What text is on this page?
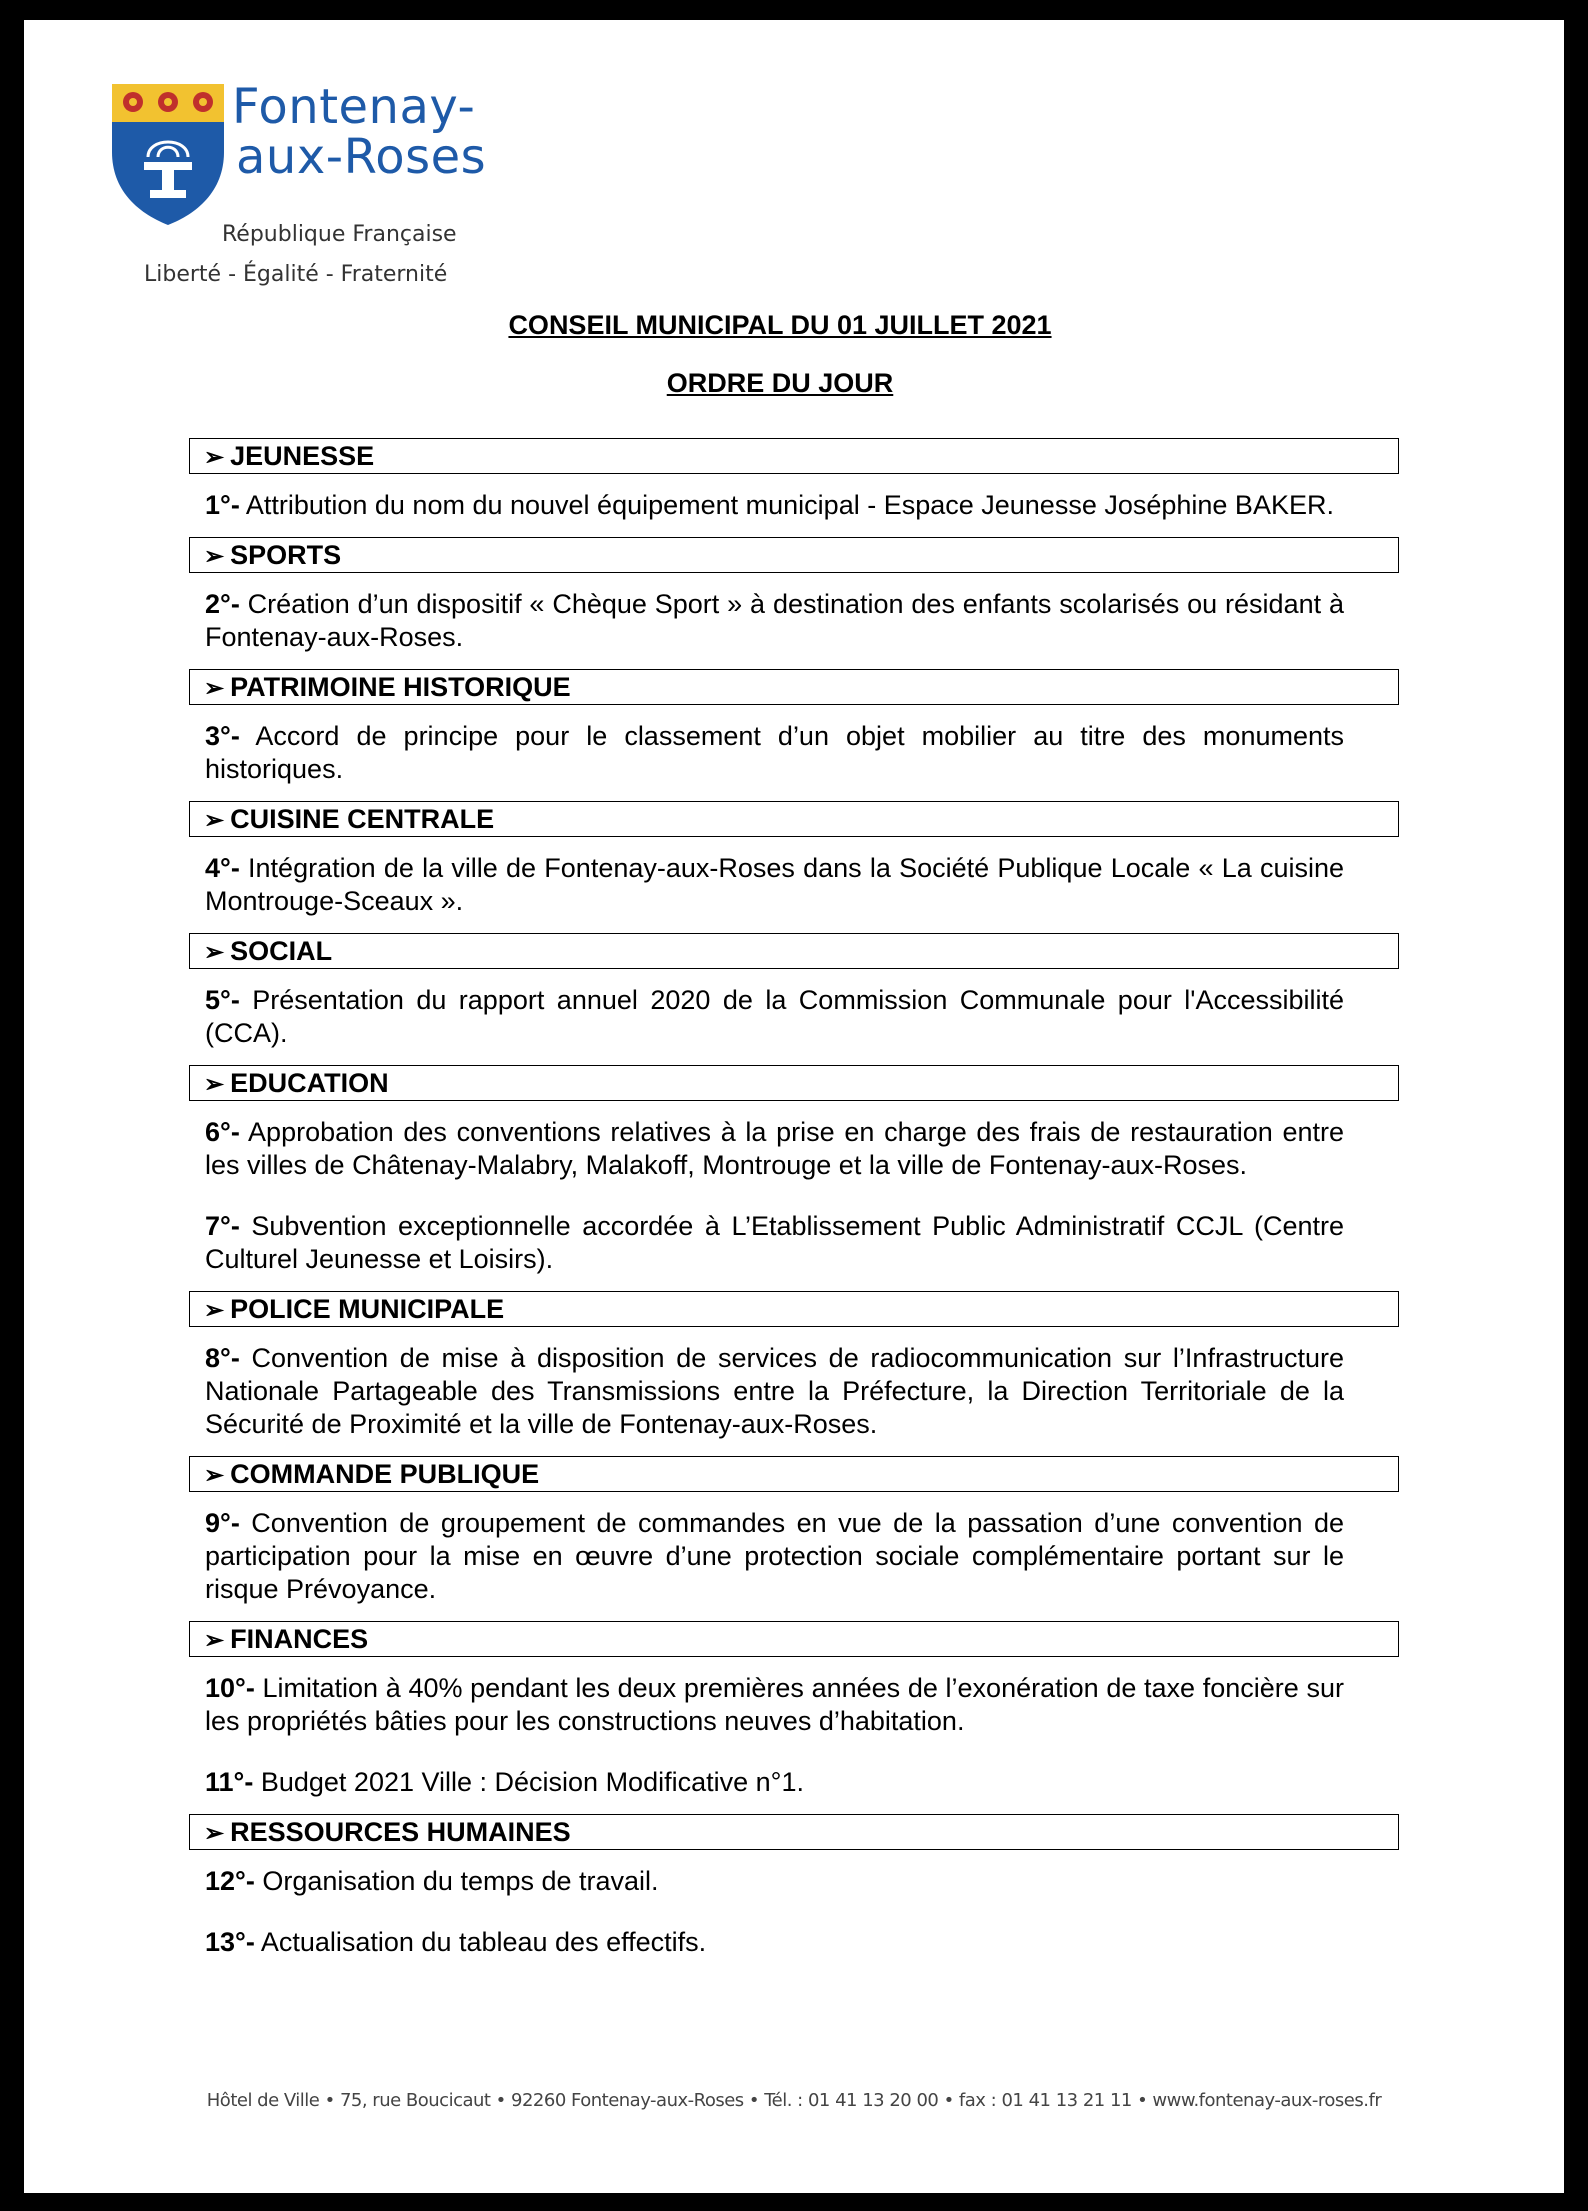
Fontenay-
aux-Roses
République Française
Liberté - Égalité - Fraternité
CONSEIL MUNICIPAL DU 01 JUILLET 2021
ORDRE DU JOUR
➢ JEUNESSE
1°- Attribution du nom du nouvel équipement municipal - Espace Jeunesse Joséphine BAKER.
➢ SPORTS
2°- Création d’un dispositif « Chèque Sport » à destination des enfants scolarisés ou résidant à Fontenay-aux-Roses.
➢ PATRIMOINE HISTORIQUE
3°- Accord de principe pour le classement d’un objet mobilier au titre des monuments historiques.
➢ CUISINE CENTRALE
4°- Intégration de la ville de Fontenay-aux-Roses dans la Société Publique Locale « La cuisine Montrouge-Sceaux ».
➢ SOCIAL
5°- Présentation du rapport annuel 2020 de la Commission Communale pour l'Accessibilité (CCA).
➢ EDUCATION
6°- Approbation des conventions relatives à la prise en charge des frais de restauration entre les villes de Châtenay-Malabry, Malakoff, Montrouge et la ville de Fontenay-aux-Roses.
7°- Subvention exceptionnelle accordée à L’Etablissement Public Administratif CCJL (Centre Culturel Jeunesse et Loisirs).
➢ POLICE MUNICIPALE
8°- Convention de mise à disposition de services de radiocommunication sur l’Infrastructure Nationale Partageable des Transmissions entre la Préfecture, la Direction Territoriale de la Sécurité de Proximité et la ville de Fontenay-aux-Roses.
➢ COMMANDE PUBLIQUE
9°- Convention de groupement de commandes en vue de la passation d’une convention de participation pour la mise en œuvre d’une protection sociale complémentaire portant sur le risque Prévoyance.
➢ FINANCES
10°- Limitation à 40% pendant les deux premières années de l’exonération de taxe foncière sur les propriétés bâties pour les constructions neuves d’habitation.
11°- Budget 2021 Ville : Décision Modificative n°1.
➢ RESSOURCES HUMAINES
12°- Organisation du temps de travail.
13°- Actualisation du tableau des effectifs.
Hôtel de Ville • 75, rue Boucicaut • 92260 Fontenay-aux-Roses • Tél. : 01 41 13 20 00 • fax : 01 41 13 21 11 • www.fontenay-aux-roses.fr
